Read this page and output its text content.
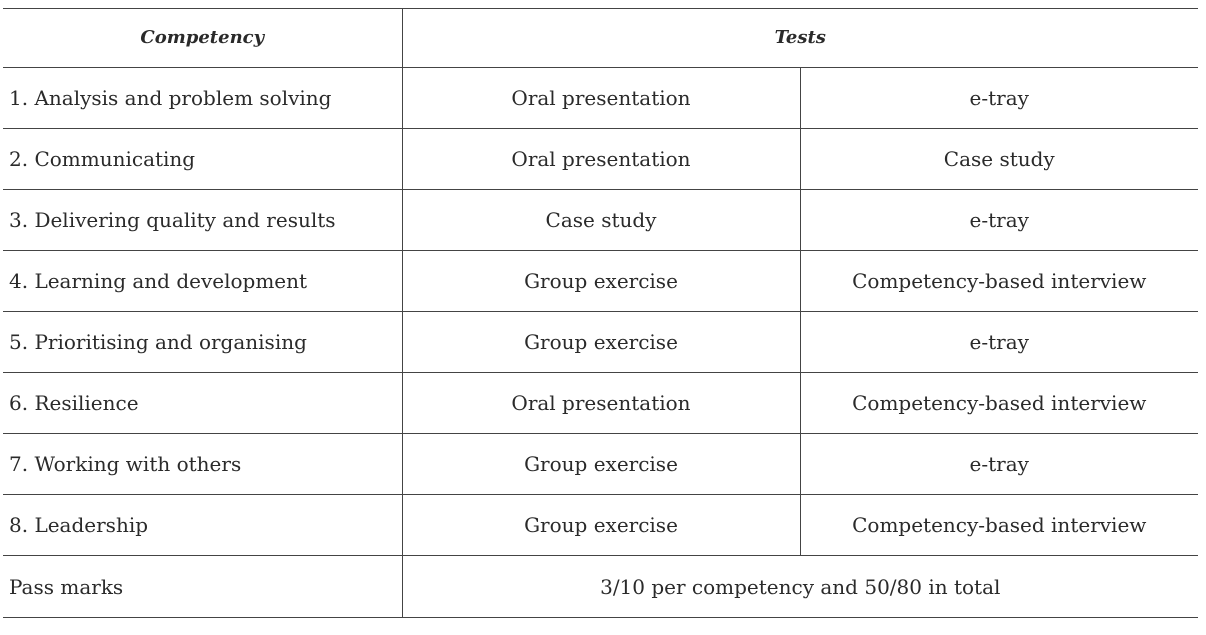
Competency	Tests	
1. Analysis and problem solving	Oral presentation	e-tray
2. Communicating	Oral presentation	Case study
3. Delivering quality and results	Case study	e-tray
4. Learning and development	Group exercise	Competency-based interview
5. Prioritising and organising	Group exercise	e-tray
6. Resilience	Oral presentation	Competency-based interview
7. Working with others	Group exercise	e-tray
8. Leadership	Group exercise	Competency-based interview
Pass marks	3/10 per competency and 50/80 in total	
